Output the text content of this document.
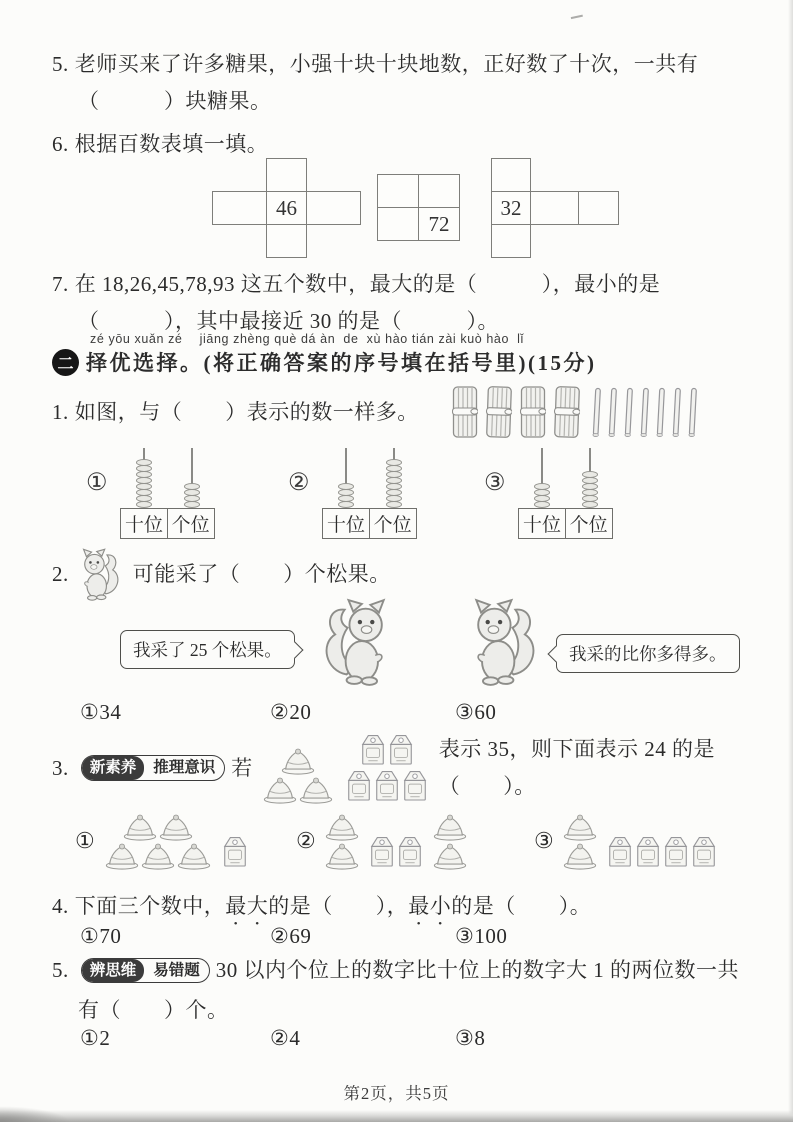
5. 老师买来了许多糖果，小强十块十块地数，正好数了十次，一共有
（　　　）块糖果。
6. 根据百数表填一填。
46
72
32
7. 在 18,26,45,78,93 这五个数中，最大的是（　　　），最小的是
（　　　），其中最接近 30 的是（　　　）。
zé yōu xuǎn zé　 jiāng zhèng què dá àn  de  xù hào tián zài kuò hào  lǐ
二 择优选择。(将正确答案的序号填在括号里)(15分)
1. 如图，与（　　）表示的数一样多。
①
十位 个位
②
十位 个位
③
十位 个位
2.	可能采了（　　）个松果。
我采了 25 个松果。	我采的比你多得多。
①34	②20	③60
3.	新素养	推理意识 若
表示 35，则下面表示 24 的是（　　）。
①	②	③
4. 下面三个数中，最大的是（　　），最小的是（　　）。
①70	②69	③100
5.	辨思维	易错题 30 以内个位上的数字比十位上的数字大 1 的两位数一共
有（　　）个。
①2	②4	③8
第2页，共5页
